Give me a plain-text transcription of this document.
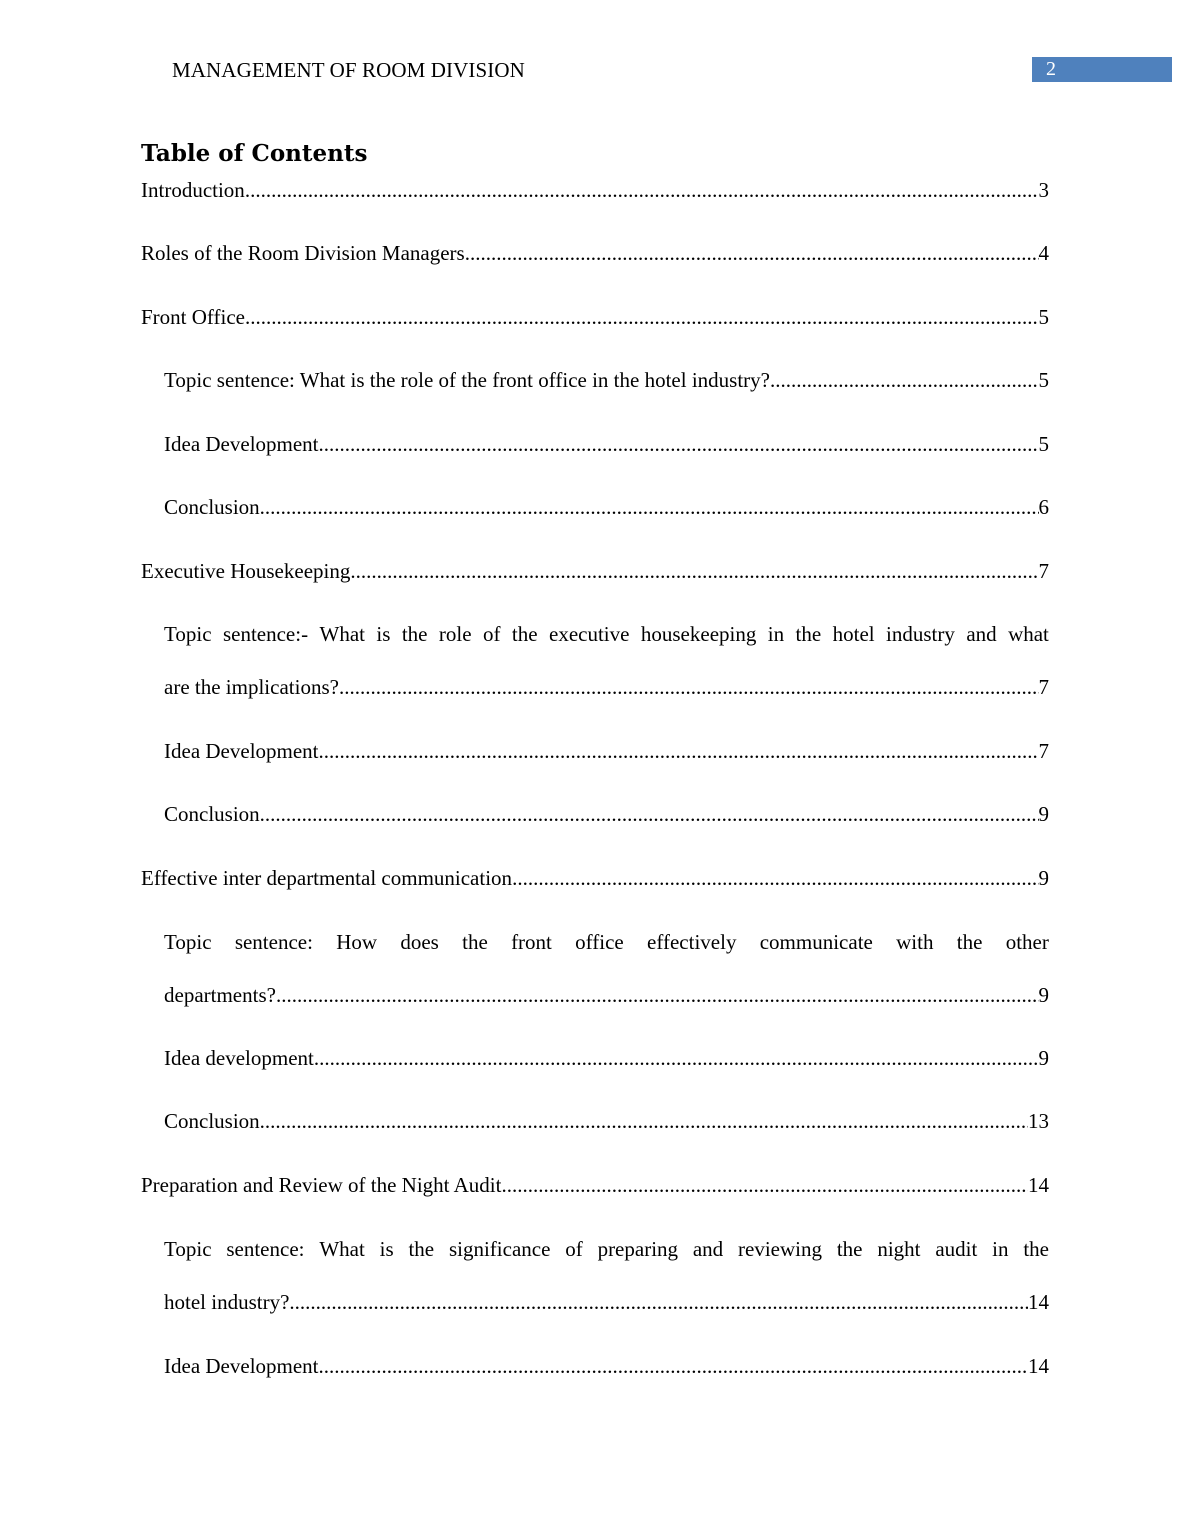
MANAGEMENT OF ROOM DIVISION	2
Table of Contents
Introduction .....	3
Roles of the Room Division Managers .....	4
Front Office .....	5
Topic sentence: What is the role of the front office in the hotel industry? .....	5
Idea Development .....	5
Conclusion .....	6
Executive Housekeeping .....	7
Topic sentence:- What is the role of the executive housekeeping in the hotel industry and what
are the implications? .....	7
Idea Development .....	7
Conclusion .....	9
Effective inter departmental communication .....	9
Topic sentence: How does the front office effectively communicate with the other
departments? .....	9
Idea development .....	9
Conclusion .....	13
Preparation and Review of the Night Audit .....	14
Topic sentence: What is the significance of preparing and reviewing the night audit in the
hotel industry? .....	14
Idea Development .....	14
